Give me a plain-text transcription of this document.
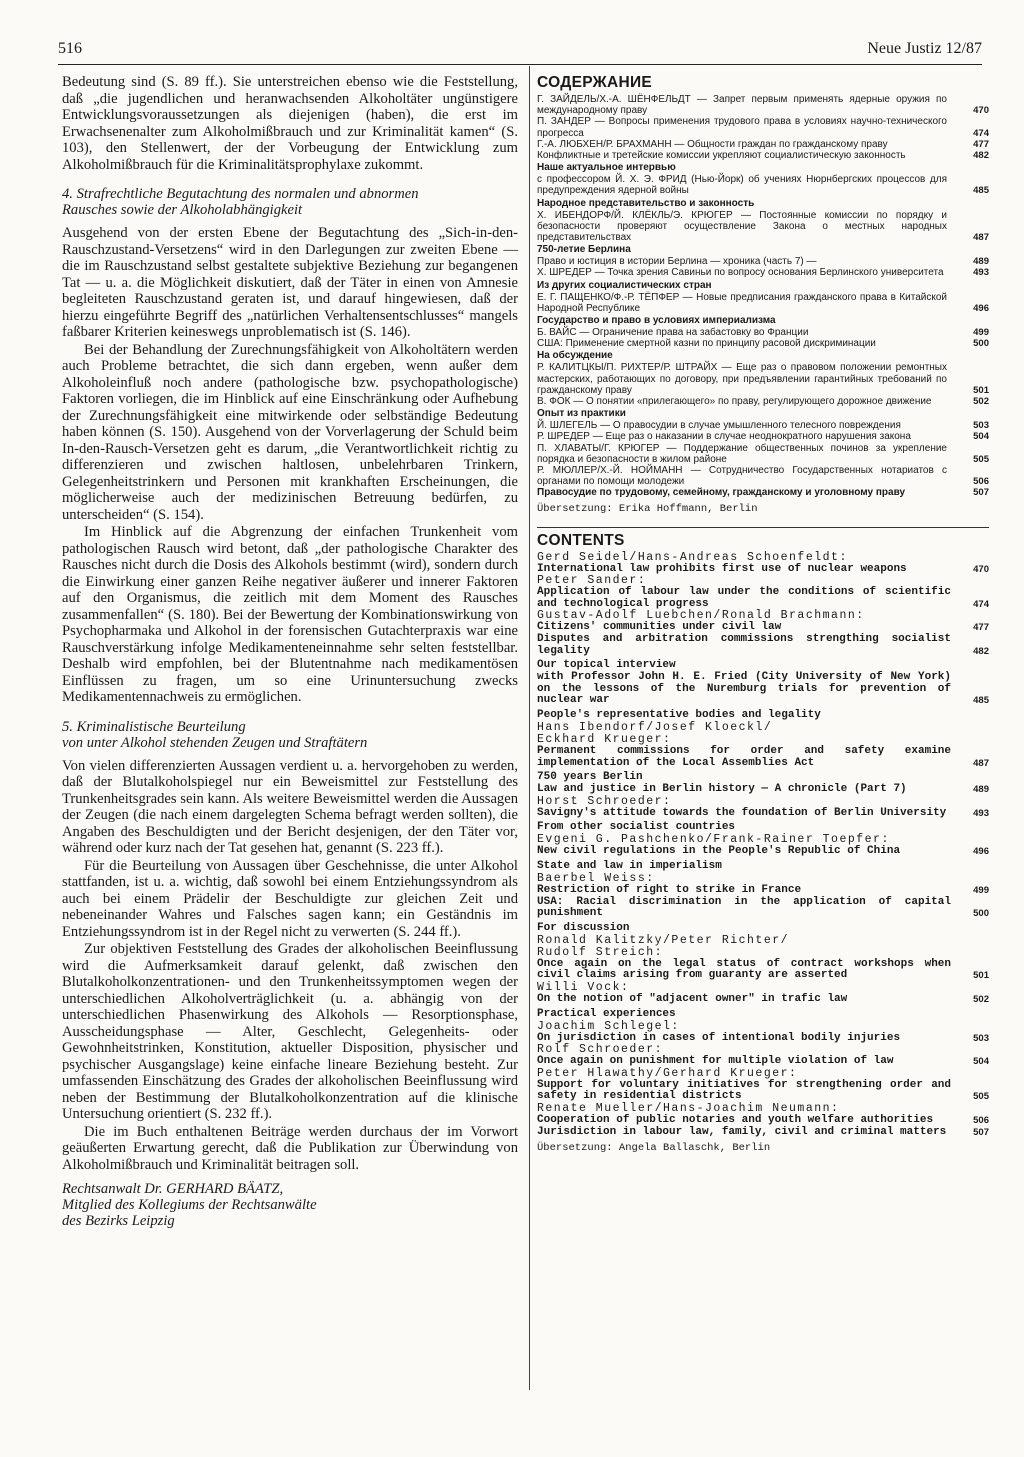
516	Neue Justiz 12/87

Bedeutung sind (S. 89 ff.). Sie unterstreichen ebenso wie die Feststellung, daß „die jugendlichen und heranwachsenden Alkoholtäter ungünstigere Entwicklungsvoraussetzungen als diejenigen (haben), die erst im Erwachsenenalter zum Alkoholmißbrauch und zur Kriminalität kamen“ (S. 103), den Stellenwert, der der Vorbeugung der Entwicklung zum Alkoholmißbrauch für die Kriminalitätsprophylaxe zukommt.

4. Strafrechtliche Begutachtung des normalen und abnormen
Rausches sowie der Alkoholabhängigkeit

Ausgehend von der ersten Ebene der Begutachtung des „Sich-in-den-Rauschzustand-Versetzens“ wird in den Darlegungen zur zweiten Ebene — die im Rauschzustand selbst gestaltete subjektive Beziehung zur begangenen Tat — u. a. die Möglichkeit diskutiert, daß der Täter in einen von Amnesie begleiteten Rauschzustand geraten ist, und darauf hingewiesen, daß der hierzu eingeführte Begriff des „natürlichen Verhaltensentschlusses“ mangels faßbarer Kriterien keineswegs unproblematisch ist (S. 146).

Bei der Behandlung der Zurechnungsfähigkeit von Alkoholtätern werden auch Probleme betrachtet, die sich dann ergeben, wenn außer dem Alkoholeinfluß noch andere (pathologische bzw. psychopathologische) Faktoren vorliegen, die im Hinblick auf eine Einschränkung oder Aufhebung der Zurechnungsfähigkeit eine mitwirkende oder selbständige Bedeutung haben können (S. 150). Ausgehend von der Vorverlagerung der Schuld beim In-den-Rausch-Versetzen geht es darum, „die Verantwortlichkeit richtig zu differenzieren und zwischen haltlosen, unbelehrbaren Trinkern, Gelegenheitstrinkern und Personen mit krankhaften Erscheinungen, die möglicherweise auch der medizinischen Betreuung bedürfen, zu unterscheiden“ (S. 154).

Im Hinblick auf die Abgrenzung der einfachen Trunkenheit vom pathologischen Rausch wird betont, daß „der pathologische Charakter des Rausches nicht durch die Dosis des Alkohols bestimmt (wird), sondern durch die Einwirkung einer ganzen Reihe negativer äußerer und innerer Faktoren auf den Organismus, die zeitlich mit dem Moment des Rausches zusammenfallen“ (S. 180). Bei der Bewertung der Kombinationswirkung von Psychopharmaka und Alkohol in der forensischen Gutachterpraxis war eine Rauschverstärkung infolge Medikamenteneinnahme sehr selten feststellbar. Deshalb wird empfohlen, bei der Blutentnahme nach medikamentösen Einflüssen zu fragen, um so eine Urinuntersuchung zwecks Medikamentennachweis zu ermöglichen.

5. Kriminalistische Beurteilung
von unter Alkohol stehenden Zeugen und Straftätern

Von vielen differenzierten Aussagen verdient u. a. hervorgehoben zu werden, daß der Blutalkoholspiegel nur ein Beweismittel zur Feststellung des Trunkenheitsgrades sein kann. Als weitere Beweismittel werden die Aussagen der Zeugen (die nach einem dargelegten Schema befragt werden sollten), die Angaben des Beschuldigten und der Bericht desjenigen, der den Täter vor, während oder kurz nach der Tat gesehen hat, genannt (S. 223 ff.).

Für die Beurteilung von Aussagen über Geschehnisse, die unter Alkohol stattfanden, ist u. a. wichtig, daß sowohl bei einem Entziehungssyndrom als auch bei einem Prädelir der Beschuldigte zur gleichen Zeit und nebeneinander Wahres und Falsches sagen kann; ein Geständnis im Entziehungssyndrom ist in der Regel nicht zu verwerten (S. 244 ff.).

Zur objektiven Feststellung des Grades der alkoholischen Beeinflussung wird die Aufmerksamkeit darauf gelenkt, daß zwischen den Blutalkoholkonzentrationen- und den Trunkenheitssymptomen wegen der unterschiedlichen Alkoholverträglichkeit (u. a. abhängig von der unterschiedlichen Phasenwirkung des Alkohols — Resorptionsphase, Ausscheidungsphase — Alter, Geschlecht, Gelegenheits- oder Gewohnheitstrinken, Konstitution, aktueller Disposition, physischer und psychischer Ausgangslage) keine einfache lineare Beziehung besteht. Zur umfassenden Einschätzung des Grades der alkoholischen Beeinflussung wird neben der Bestimmung der Blutalkoholkonzentration auf die klinische Untersuchung orientiert (S. 232 ff.).

Die im Buch enthaltenen Beiträge werden durchaus der im Vorwort geäußerten Erwartung gerecht, daß die Publikation zur Überwindung von Alkoholmißbrauch und Kriminalität beitragen soll.

Rechtsanwalt Dr. GERHARD BÄATZ,
Mitglied des Kollegiums der Rechtsanwälte
des Bezirks Leipzig
СОДЕРЖАНИЕ
Г. ЗАЙДЕЛЬ/Х.-А. ШЁНФЕЛЬДТ — Запрет первым применять ядерные оружия по международному праву	470
П. ЗАНДЕР — Вопросы применения трудового права в условиях научно-технического прогресса	474
Г.-А. ЛЮБХЕН/Р. БРАХМАНН — Общности граждан по гражданскому праву	477
Конфликтные и третейские комиссии укрепляют социалистическую законность	482
Наше актуальное интервью
с профессором Й. Х. Э. ФРИД (Нью-Йорк) об учениях Нюрнбергских процессов для предупреждения ядерной войны	485
Народное представительство и законность
Х. ИБЕНДОРФ/Й. КЛЁКЛЬ/Э. КРЮГЕР — Постоянные комиссии по порядку и безопасности проверяют осуществление Закона о местных народных представительствах	487
750-летие Берлина
Право и юстиция в истории Берлина — хроника (часть 7) —	489
Х. ШРЕДЕР — Точка зрения Савиньи по вопросу основания Берлинского университета	493
Из других социалистических стран
Е. Г. ПАЩЕНКО/Ф.-Р. ТЁПФЕР — Новые предписания гражданского права в Китайской Народной Республике	496
Государство и право в условиях империализма
Б. ВАЙС — Ограничение права на забастовку во Франции	499
США: Применение смертной казни по принципу расовой дискриминации	500
На обсуждение
Р. КАЛИТЦКЫ/П. РИХТЕР/Р. ШТРАЙХ — Еще раз о правовом положении ремонтных мастерских, работающих по договору, при предъявлении гарантийных требований по гражданскому праву	501
В. ФОК — О понятии «прилегающего» по праву, регулирующего дорожное движение	502
Опыт из практики
Й. ШЛЕГЕЛЬ — О правосудии в случае умышленного телесного повреждения	503
Р. ШРЕДЕР — Еще раз о наказании в случае неоднократного нарушения закона	504
П. ХЛАВАТЫ/Г. КРЮГЕР — Поддержание общественных починов за укрепление порядка и безопасности в жилом районе	505
Р. МЮЛЛЕР/Х.-Й. НОЙМАНН — Сотрудничество Государственных нотариатов с органами по помощи молодежи	506
Правосудие по трудовому, семейному, гражданскому и уголовному праву	507
Übersetzung: Erika Hoffmann, Berlin
CONTENTS
Gerd Seidel/Hans-Andreas Schoenfeldt:
International law prohibits first use of nuclear weapons	470
Peter Sander:
Application of labour law under the conditions of scientific and technological progress	474
Gustav-Adolf Luebchen/Ronald Brachmann:
Citizens' communities under civil law	477
Disputes and arbitration commissions strengthing socialist legality	482
Our topical interview
with Professor John H. E. Fried (City University of New York) on the lessons of the Nuremburg trials for prevention of nuclear war	485
People's representative bodies and legality
Hans Ibendorf/Josef Kloeckl/
Eckhard Krueger:
Permanent commissions for order and safety examine implementation of the Local Assemblies Act	487
750 years Berlin
Law and justice in Berlin history — A chronicle (Part 7)	489
Horst Schroeder:
Savigny's attitude towards the foundation of Berlin University	493
From other socialist countries
Evgeni G. Pashchenko/Frank-Rainer Toepfer:
New civil regulations in the People's Republic of China	496
State and law in imperialism
Baerbel Weiss:
Restriction of right to strike in France	499
USA: Racial discrimination in the application of capital punishment	500
For discussion
Ronald Kalitzky/Peter Richter/
Rudolf Streich:
Once again on the legal status of contract workshops when civil claims arising from guaranty are asserted	501
Willi Vock:
On the notion of "adjacent owner" in trafic law	502
Practical experiences
Joachim Schlegel:
On jurisdiction in cases of intentional bodily injuries	503
Rolf Schroeder:
Once again on punishment for multiple violation of law	504
Peter Hlawathy/Gerhard Krueger:
Support for voluntary initiatives for strengthening order and safety in residential districts	505
Renate Mueller/Hans-Joachim Neumann:
Cooperation of public notaries and youth welfare authorities	506
Jurisdiction in labour law, family, civil and criminal matters	507
Übersetzung: Angela Ballaschk, Berlin
